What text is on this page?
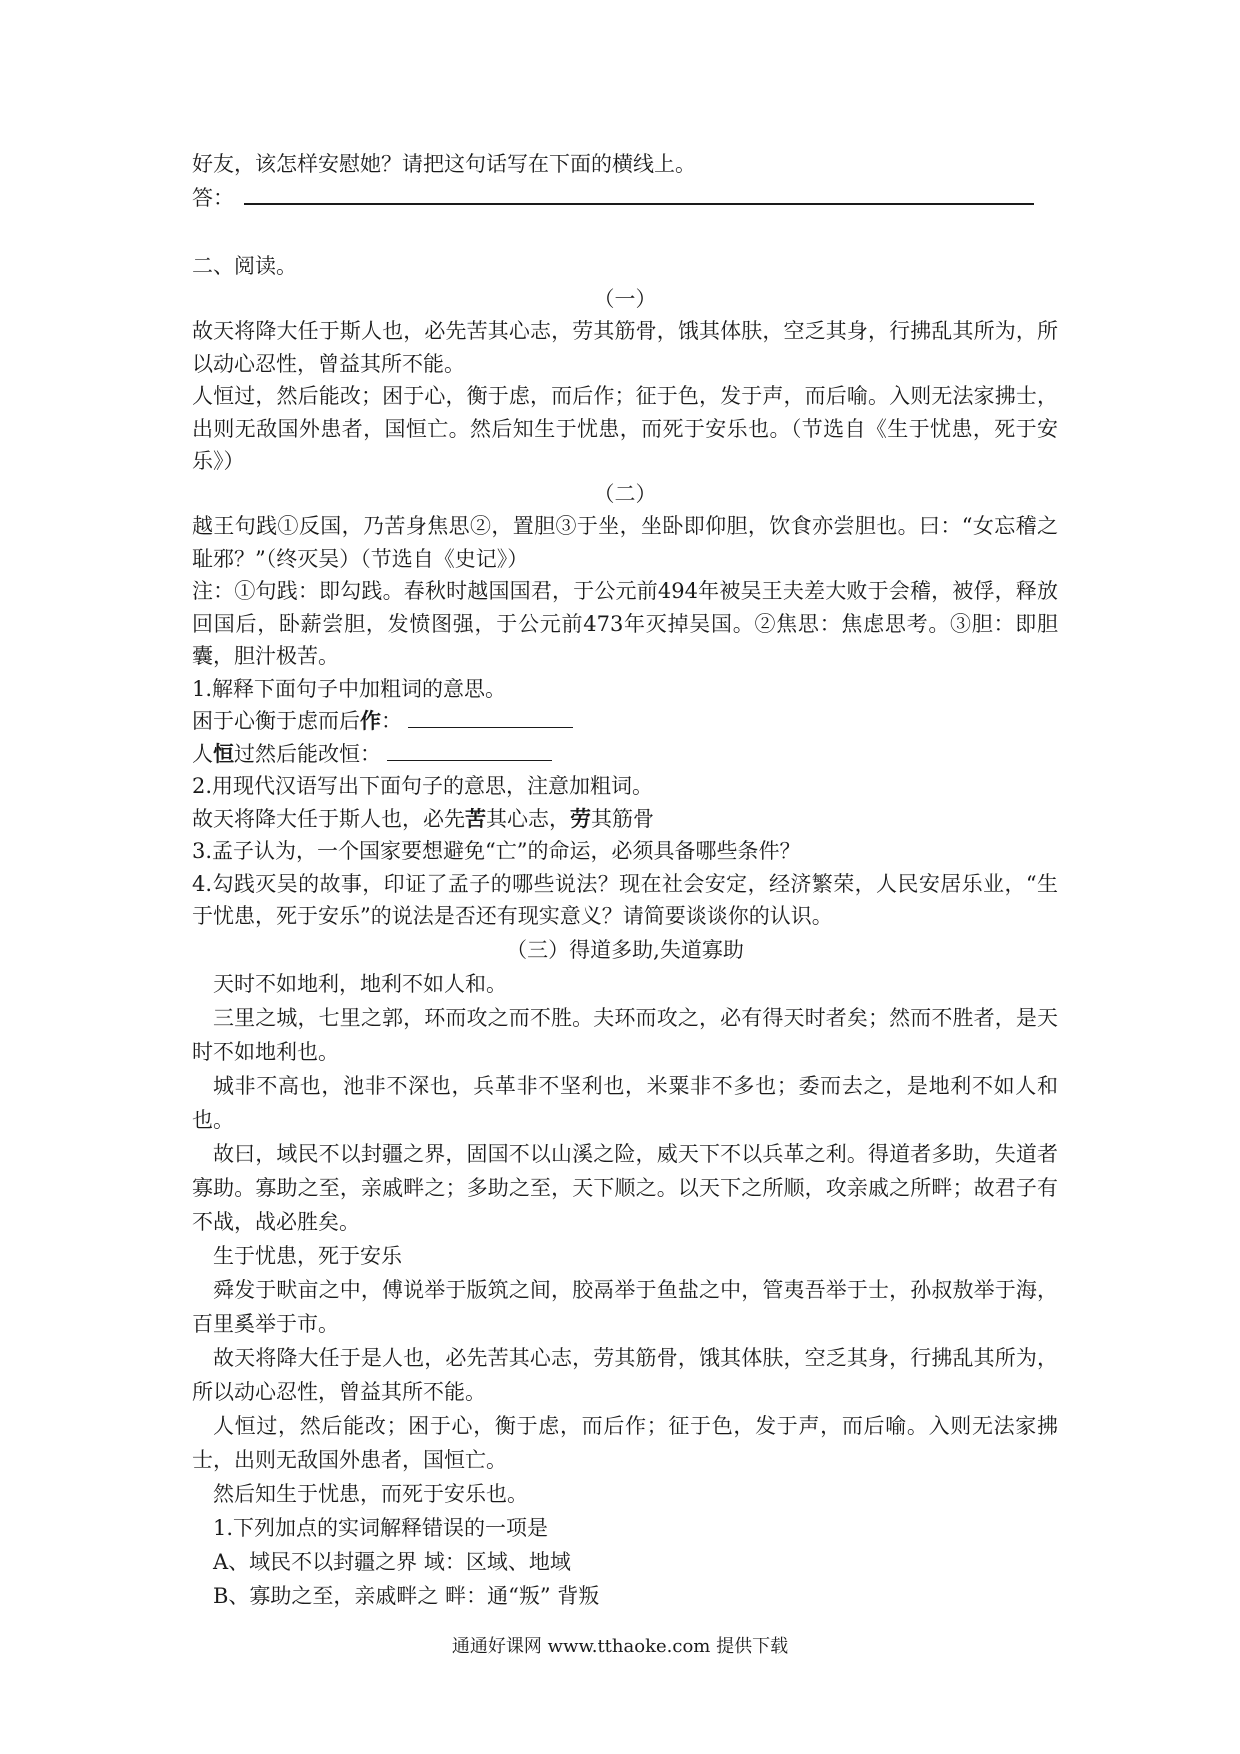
好友，该怎样安慰她？请把这句话写在下面的横线上。

答：

二、阅读。

（一）

故天将降大任于斯人也，必先苦其心志，劳其筋骨，饿其体肤，空乏其身，行拂乱其所为，所以动心忍性，曾益其所不能。

人恒过，然后能改；困于心，衡于虑，而后作；征于色，发于声，而后喻。入则无法家拂士，出则无敌国外患者，国恒亡。然后知生于忧患，而死于安乐也。（节选自《生于忧患，死于安乐》）

（二）

越王句践①反国，乃苦身焦思②，置胆③于坐，坐卧即仰胆，饮食亦尝胆也。曰：“女忘稽之耻邪？”（终灭吴）（节选自《史记》）

注：①句践：即勾践。春秋时越国国君，于公元前494年被吴王夫差大败于会稽，被俘，释放回国后，卧薪尝胆，发愤图强，于公元前473年灭掉吴国。②焦思：焦虑思考。③胆：即胆囊，胆汁极苦。

1.解释下面句子中加粗词的意思。

困于心衡于虑而后作：

人恒过然后能改恒：

2.用现代汉语写出下面句子的意思，注意加粗词。

故天将降大任于斯人也，必先苦其心志，劳其筋骨

3.孟子认为，一个国家要想避免“亡”的命运，必须具备哪些条件？

4.勾践灭吴的故事，印证了孟子的哪些说法？现在社会安定，经济繁荣，人民安居乐业，“生于忧患，死于安乐”的说法是否还有现实意义？请简要谈谈你的认识。

（三）得道多助,失道寡助

天时不如地利，地利不如人和。

三里之城，七里之郭，环而攻之而不胜。夫环而攻之，必有得天时者矣；然而不胜者，是天时不如地利也。

城非不高也，池非不深也，兵革非不坚利也，米粟非不多也；委而去之，是地利不如人和也。

故曰，域民不以封疆之界，固国不以山溪之险，威天下不以兵革之利。得道者多助，失道者寡助。寡助之至，亲戚畔之；多助之至，天下顺之。以天下之所顺，攻亲戚之所畔；故君子有不战，战必胜矣。

生于忧患，死于安乐

舜发于畎亩之中，傅说举于版筑之间，胶鬲举于鱼盐之中，管夷吾举于士，孙叔敖举于海，百里奚举于市。

故天将降大任于是人也，必先苦其心志，劳其筋骨，饿其体肤，空乏其身，行拂乱其所为，所以动心忍性，曾益其所不能。

人恒过，然后能改；困于心，衡于虑，而后作；征于色，发于声，而后喻。入则无法家拂士，出则无敌国外患者，国恒亡。

然后知生于忧患，而死于安乐也。

1.下列加点的实词解释错误的一项是

A、域民不以封疆之界 域：区域、地域

B、寡助之至，亲戚畔之 畔：通“叛” 背叛

通通好课网 www.tthaoke.com 提供下载
